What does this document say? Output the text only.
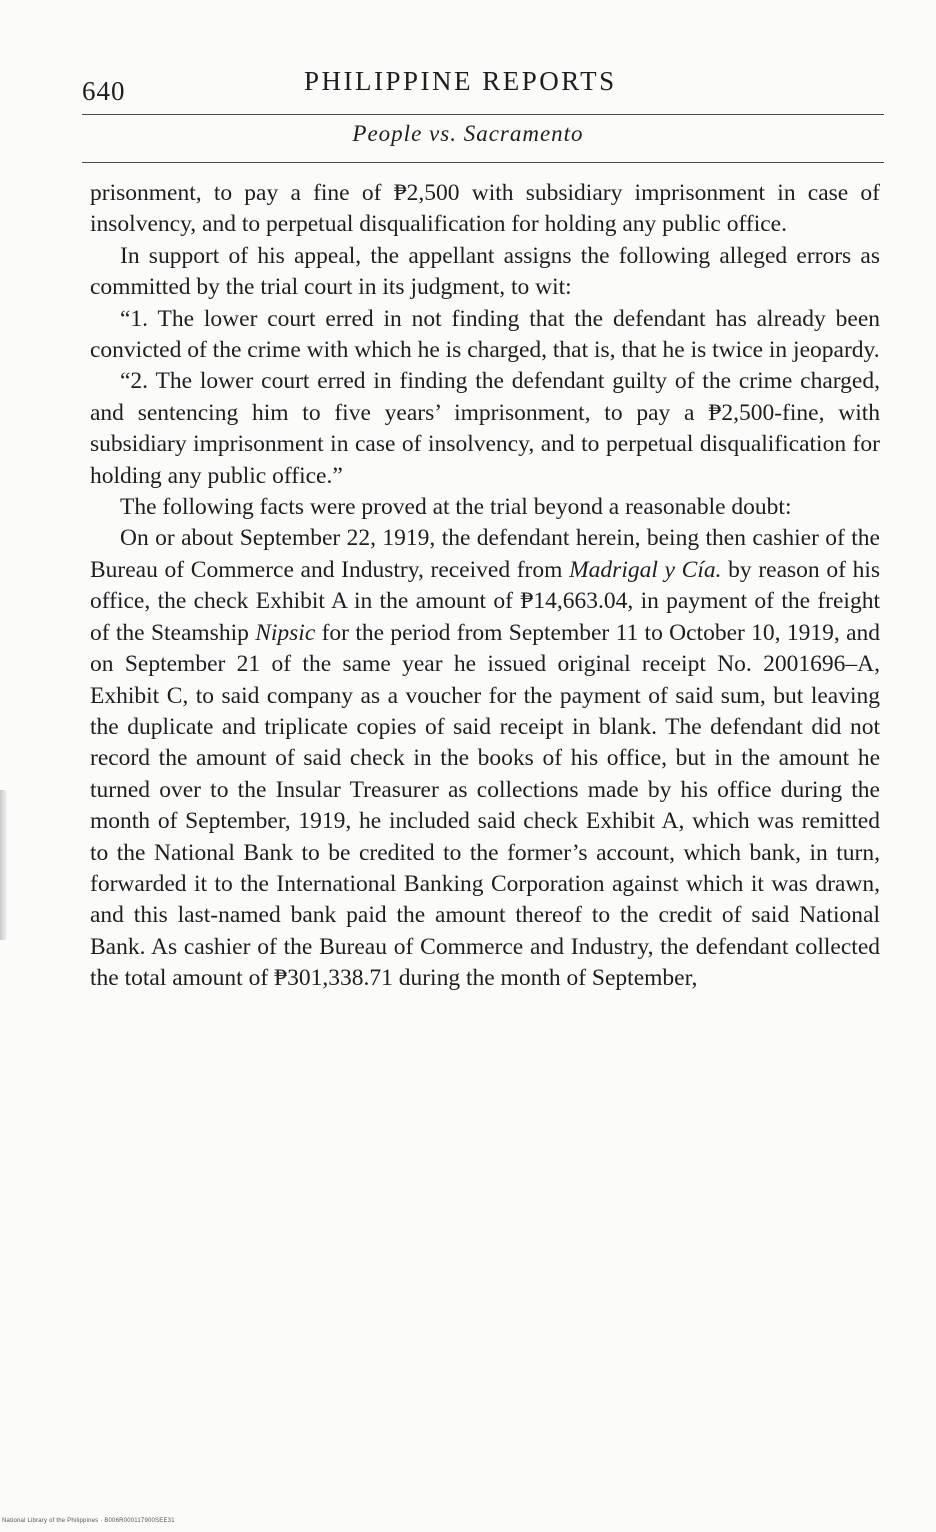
640	PHILIPPINE REPORTS
People vs. Sacramento

prisonment, to pay a fine of ₱2,500 with subsidiary imprisonment in case of insolvency, and to perpetual disqualification for holding any public office.

In support of his appeal, the appellant assigns the following alleged errors as committed by the trial court in its judgment, to wit:

“1. The lower court erred in not finding that the defendant has already been convicted of the crime with which he is charged, that is, that he is twice in jeopardy.

“2. The lower court erred in finding the defendant guilty of the crime charged, and sentencing him to five years’ imprisonment, to pay a ₱2,500-fine, with subsidiary imprisonment in case of insolvency, and to perpetual disqualification for holding any public office.”

The following facts were proved at the trial beyond a reasonable doubt:

On or about September 22, 1919, the defendant herein, being then cashier of the Bureau of Commerce and Industry, received from Madrigal y Cía. by reason of his office, the check Exhibit A in the amount of ₱14,663.04, in payment of the freight of the Steamship Nipsic for the period from September 11 to October 10, 1919, and on September 21 of the same year he issued original receipt No. 2001696–A, Exhibit C, to said company as a voucher for the payment of said sum, but leaving the duplicate and triplicate copies of said receipt in blank. The defendant did not record the amount of said check in the books of his office, but in the amount he turned over to the Insular Treasurer as collections made by his office during the month of September, 1919, he included said check Exhibit A, which was remitted to the National Bank to be credited to the former’s account, which bank, in turn, forwarded it to the International Banking Corporation against which it was drawn, and this last-named bank paid the amount thereof to the credit of said National Bank. As cashier of the Bureau of Commerce and Industry, the defendant collected the total amount of ₱301,338.71 during the month of September,

National Library of the Philippines · B006R000117900SEE31
